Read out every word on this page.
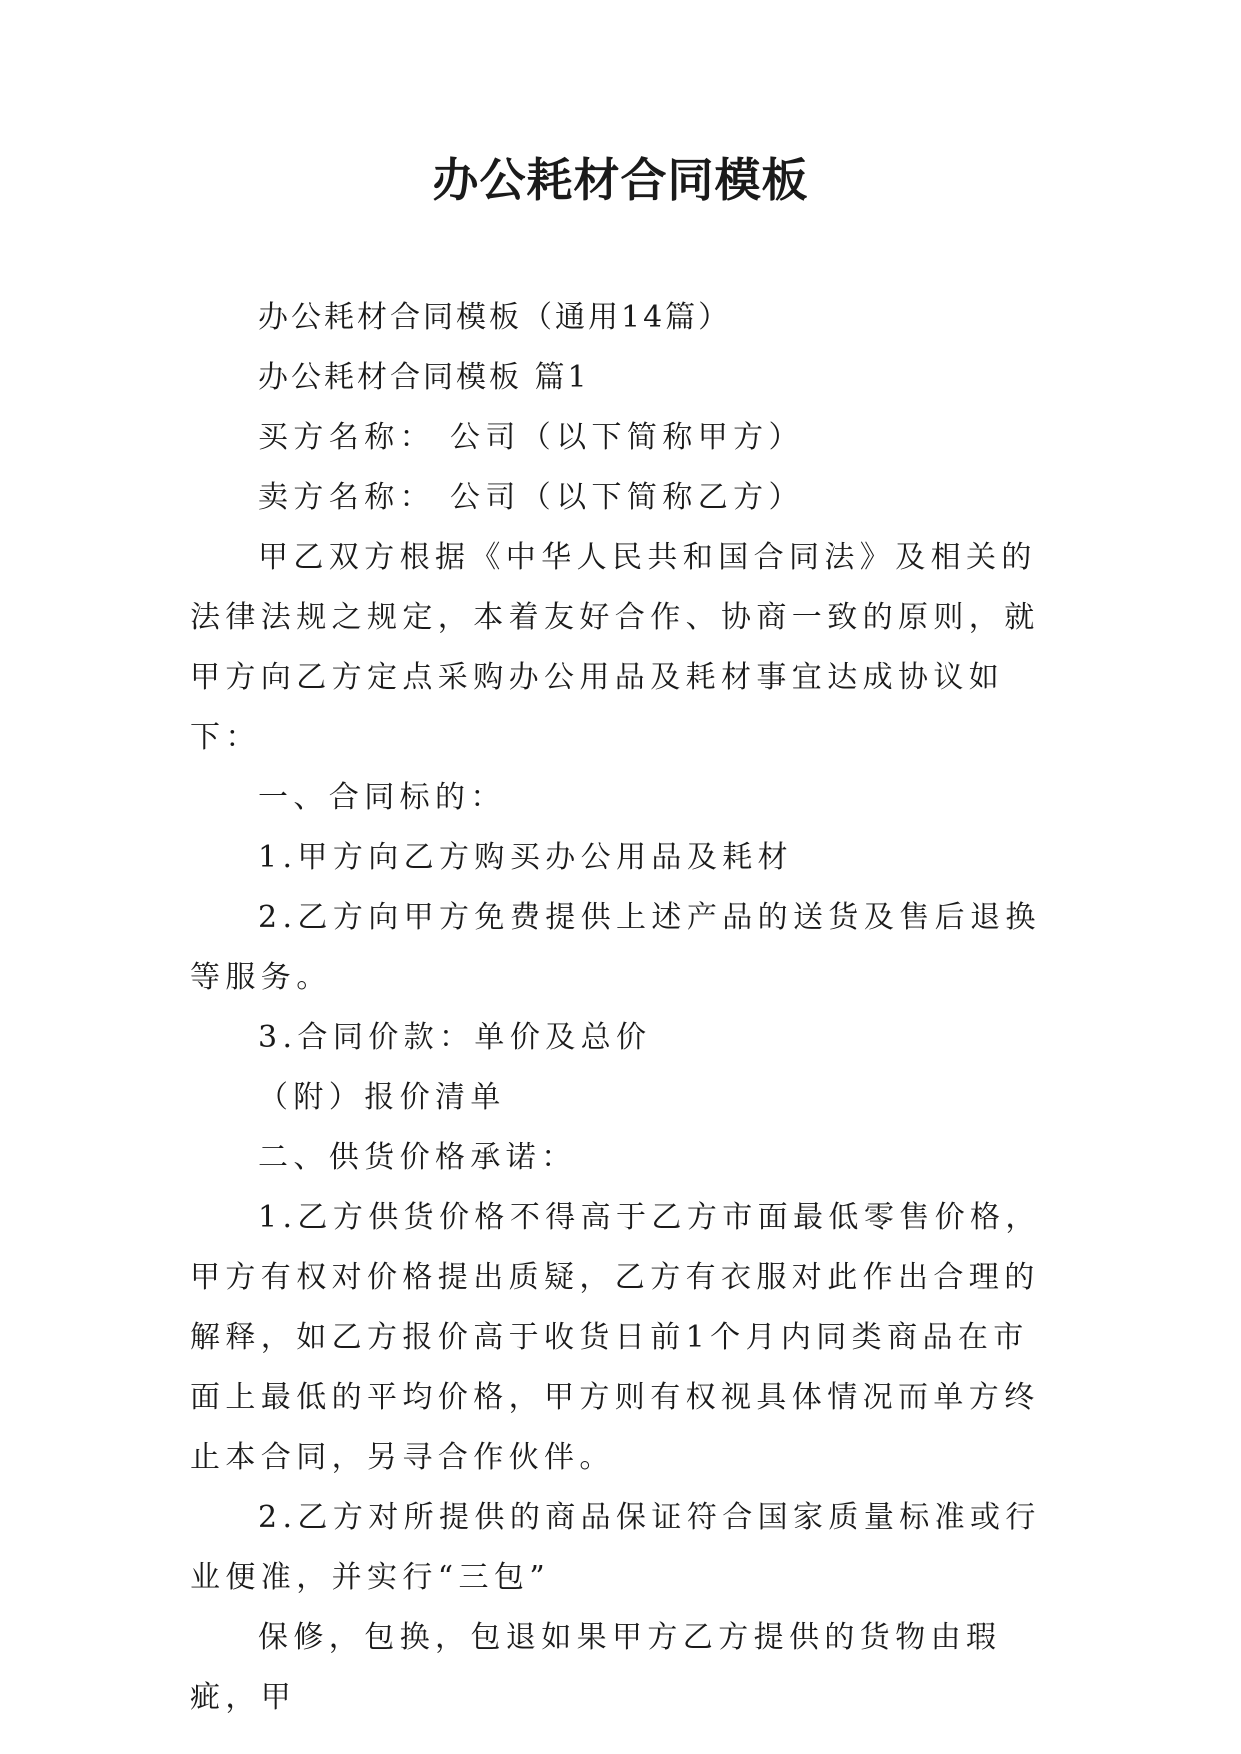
办公耗材合同模板

办公耗材合同模板（通用14篇）

办公耗材合同模板 篇1

买方名称： 公司（以下简称甲方）

卖方名称： 公司（以下简称乙方）

甲乙双方根据《中华人民共和国合同法》及相关的法律法规之规定，本着友好合作、协商一致的原则，就甲方向乙方定点采购办公用品及耗材事宜达成协议如下：

一、合同标的：

1.甲方向乙方购买办公用品及耗材

2.乙方向甲方免费提供上述产品的送货及售后退换等服务。

3.合同价款：单价及总价

（附）报价清单

二、供货价格承诺：

1.乙方供货价格不得高于乙方市面最低零售价格，甲方有权对价格提出质疑，乙方有衣服对此作出合理的解释，如乙方报价高于收货日前1个月内同类商品在市面上最低的平均价格，甲方则有权视具体情况而单方终止本合同，另寻合作伙伴。

2.乙方对所提供的商品保证符合国家质量标准或行业便准，并实行“三包”

保修，包换，包退如果甲方乙方提供的货物由瑕疵，甲
